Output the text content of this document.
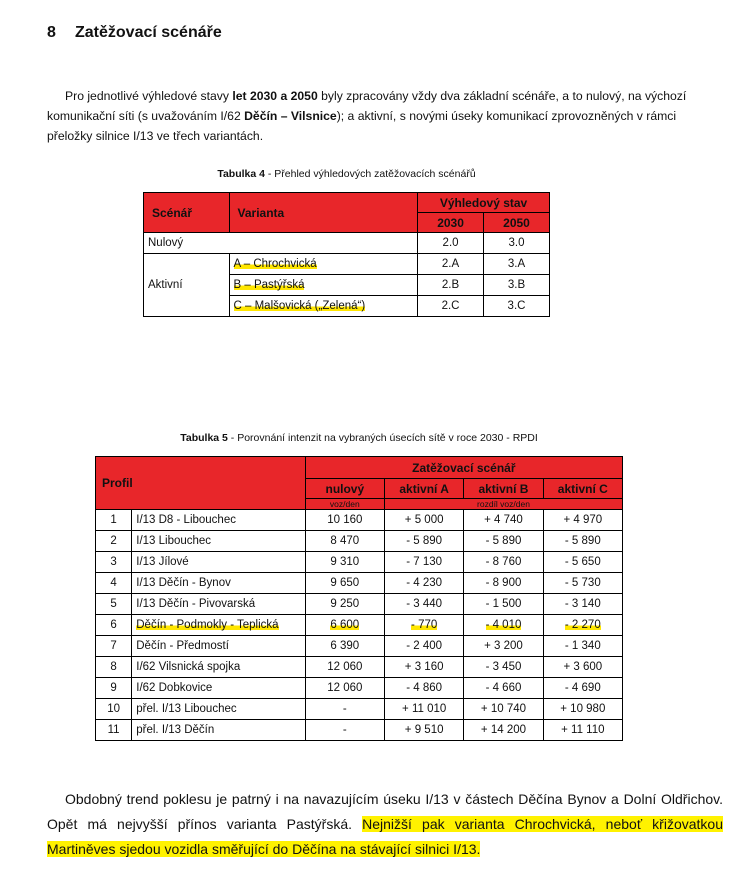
8 Zatěžovací scénáře

Pro jednotlivé výhledové stavy let 2030 a 2050 byly zpracovány vždy dva základní scénáře, a to nulový, na výchozí komunikační síti (s uvažováním I/62 Děčín – Vilsnice); a aktivní, s novými úseky komunikací zprovozněných v rámci přeložky silnice I/13 ve třech variantách.

Tabulka 4 - Přehled výhledových zatěžovacích scénářů
Scénář	Varianta	Výhledový stav	
		2030	2050
Nulový		2.0	3.0
Aktivní	A – Chrochvická	2.A	3.A
	B – Pastýřská	2.B	3.B
	C – Malšovická („Zelená“)	2.C	3.C
Tabulka 5 - Porovnání intenzit na vybraných úsecích sítě v roce 2030 - RPDI
Profil		Zatěžovací scénář			
		nulový	aktivní A	aktivní B	aktivní C
		voz/den	rozdíl voz/den		
1	I/13 D8 - Libouchec	10 160	+ 5 000	+ 4 740	+ 4 970
2	I/13 Libouchec	8 470	- 5 890	- 5 890	- 5 890
3	I/13 Jílové	9 310	- 7 130	- 8 760	- 5 650
4	I/13 Děčín - Bynov	9 650	- 4 230	- 8 900	- 5 730
5	I/13 Děčín - Pivovarská	9 250	- 3 440	- 1 500	- 3 140
6	Děčín - Podmokly - Teplická	6 600	- 770	- 4 010	- 2 270
7	Děčín - Předmostí	6 390	- 2 400	+ 3 200	- 1 340
8	I/62 Vilsnická spojka	12 060	+ 3 160	- 3 450	+ 3 600
9	I/62 Dobkovice	12 060	- 4 860	- 4 660	- 4 690
10	přel. I/13 Libouchec	-	+ 11 010	+ 10 740	+ 10 980
11	přel. I/13 Děčín	-	+ 9 510	+ 14 200	+ 11 110

Obdobný trend poklesu je patrný i na navazujícím úseku I/13 v částech Děčína Bynov a Dolní Oldřichov. Opět má nejvyšší přínos varianta Pastýřská. Nejnižší pak varianta Chrochvická, neboť křižovatkou Martiněves sjedou vozidla směřující do Děčína na stávající silnici I/13.
